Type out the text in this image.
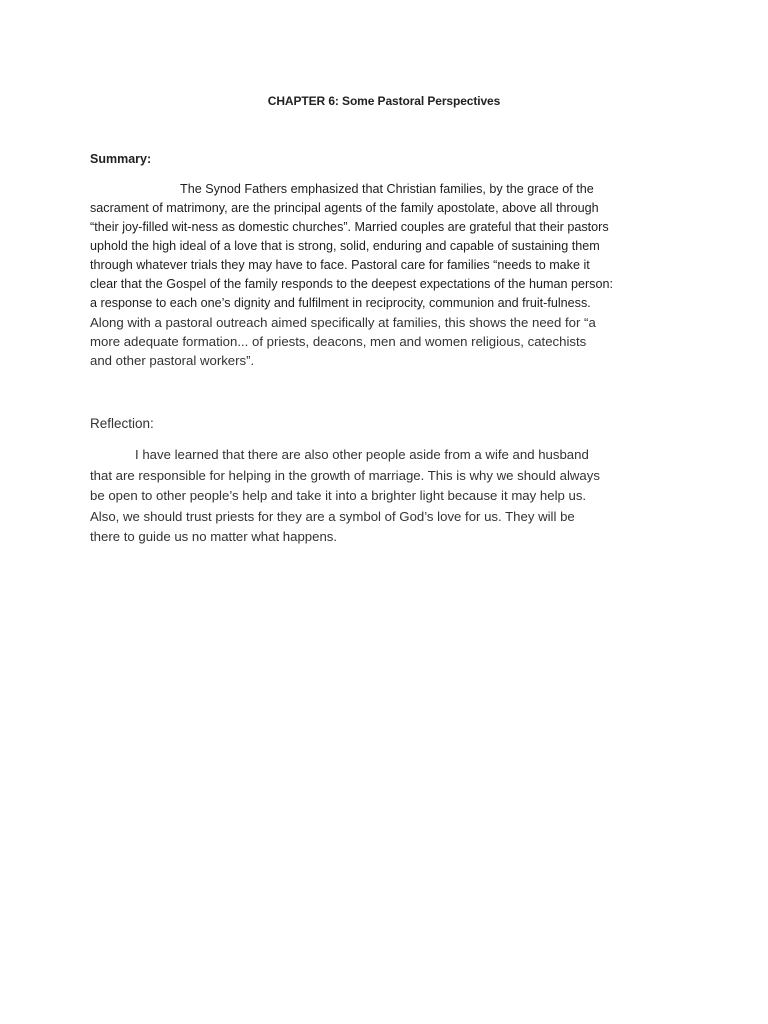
CHAPTER 6: Some Pastoral Perspectives
Summary:
The Synod Fathers emphasized that Christian families, by the grace of the
sacrament of matrimony, are the principal agents of the family apostolate, above all through
“their joy-filled wit-ness as domestic churches”. Married couples are grateful that their pastors
uphold the high ideal of a love that is strong, solid, enduring and capable of sustaining them
through whatever trials they may have to face. Pastoral care for families “needs to make it
clear that the Gospel of the family responds to the deepest expectations of the human person:
a response to each one’s dignity and fulfilment in reciprocity, communion and fruit-fulness.
Along with a pastoral outreach aimed specifically at families, this shows the need for “a
more adequate formation... of priests, deacons, men and women religious, catechists
and other pastoral workers”.
Reflection:
I have learned that there are also other people aside from a wife and husband
that are responsible for helping in the growth of marriage. This is why we should always
be open to other people’s help and take it into a brighter light because it may help us.
Also, we should trust priests for they are a symbol of God’s love for us. They will be
there to guide us no matter what happens.
